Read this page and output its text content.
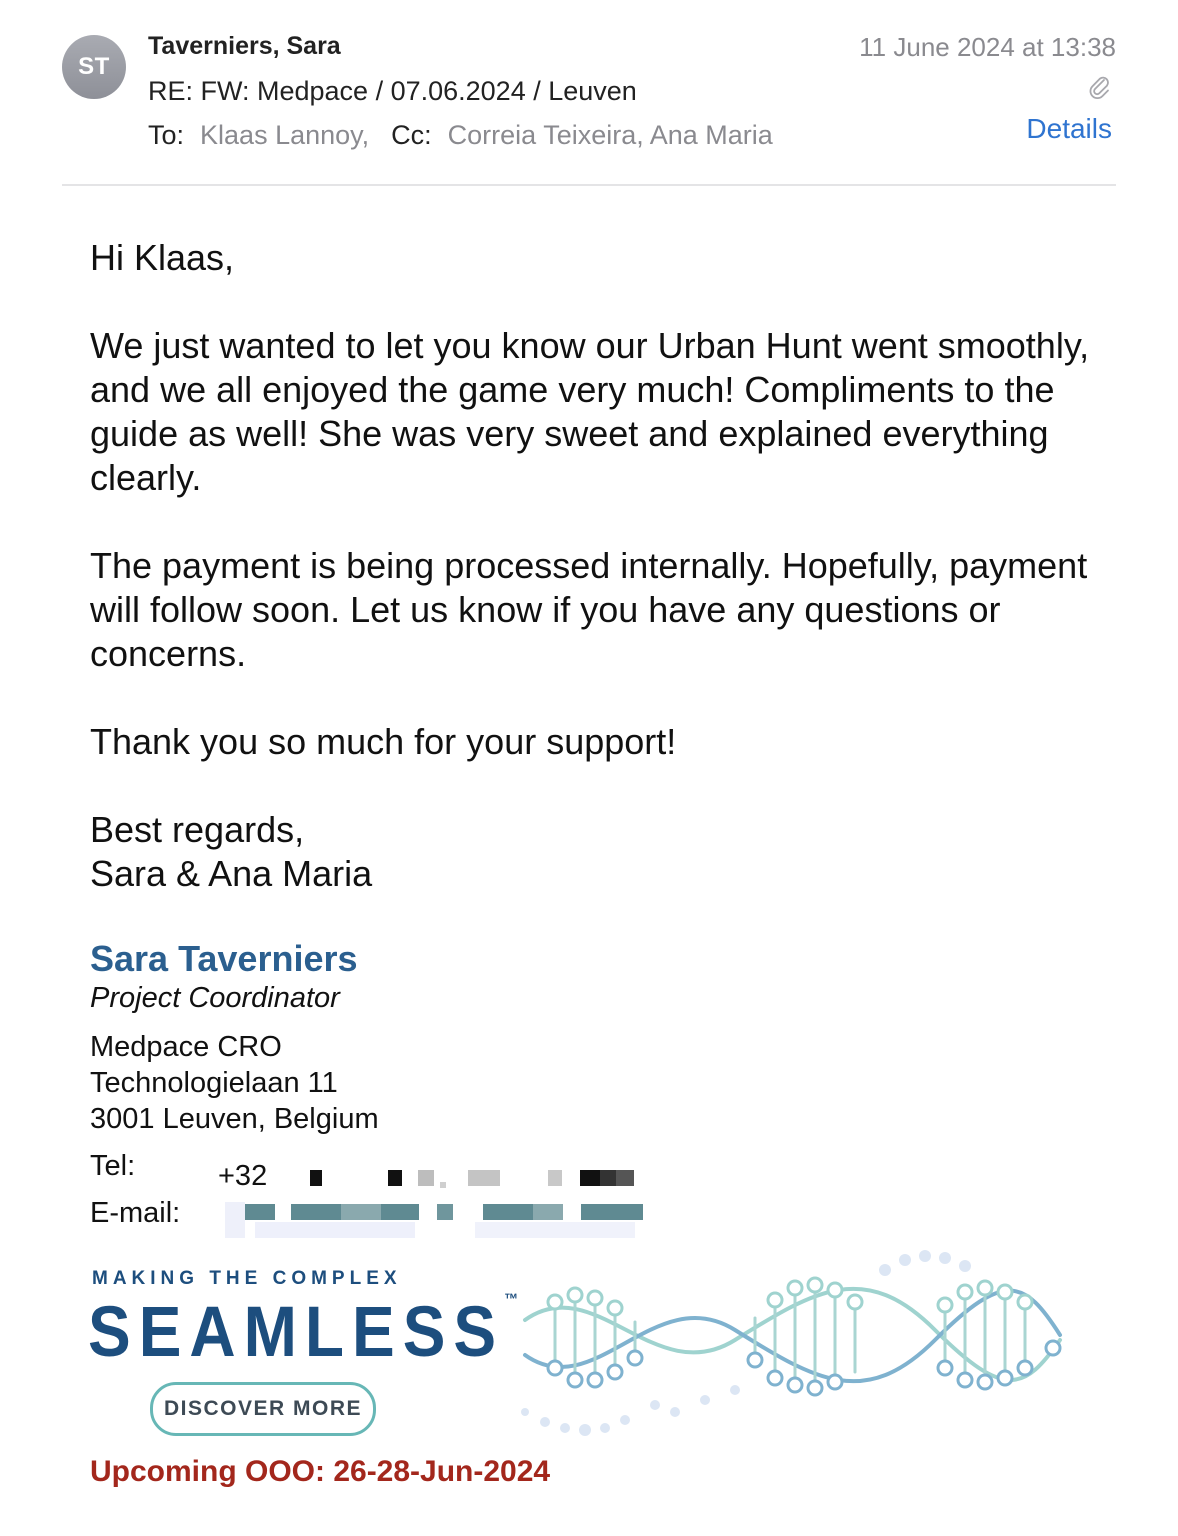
ST
Taverniers, Sara
RE: FW: Medpace / 07.06.2024 / Leuven
To: Klaas Lannoy, Cc: Correia Teixeira, Ana Maria
11 June 2024 at 13:38
Details

Hi Klaas,

We just wanted to let you know our Urban Hunt went smoothly, and we all enjoyed the game very much! Compliments to the guide as well! She was very sweet and explained everything clearly.

The payment is being processed internally. Hopefully, payment will follow soon. Let us know if you have any questions or concerns.

Thank you so much for your support!

Best regards,

Sara & Ana Maria

Sara Taverniers
Project Coordinator
Medpace CRO
Technologielaan 11
3001 Leuven, Belgium
Tel:	+32
E-mail:
MAKING THE COMPLEX
SEAMLESS™
DISCOVER MORE
Upcoming OOO: 26-28-Jun-2024
